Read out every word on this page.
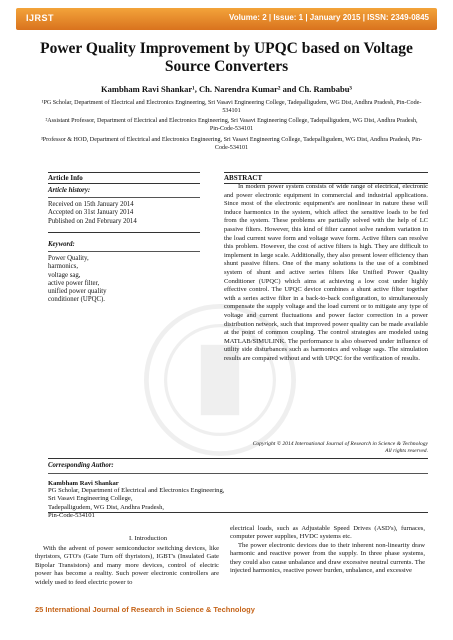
IJRST	Volume: 2 | Issue: 1 | January 2015 | ISSN: 2349-0845
Power Quality Improvement by UPQC based on Voltage Source Converters
Kambham Ravi Shankar¹, Ch. Narendra Kumar² and Ch. Rambabu³
¹PG Scholar, Department of Electrical and Electronics Engineering, Sri Vasavi Engineering College, Tadepalligudem, WG Dist, Andhra Pradesh, Pin-Code-534101
²Assistant Professor, Department of Electrical and Electronics Engineering, Sri Vasavi Engineering College, Tadepalligudem, WG Dist, Andhra Pradesh, Pin-Code-534101
³Professor & HOD, Department of Electrical and Electronics Engineering, Sri Vasavi Engineering College, Tadepalligudem, WG Dist, Andhra Pradesh, Pin-Code-534101
Article Info	ABSTRACT
Article history:
Received on 15th January 2014
Accepted on 31st January 2014
Published on 2nd February 2014
Keyword:
Power Quality,
harmonics,
voltage sag,
active power filter,
unified power quality
conditioner (UPQC).
In modern power system consists of wide range of electrical, electronic and power electronic equipment in commercial and industrial applications. Since most of the electronic equipment's are nonlinear in nature these will induce harmonics in the system, which affect the sensitive loads to be fed from the system. These problems are partially solved with the help of LC passive filters. However, this kind of filter cannot solve random variation in the load current wave form and voltage wave form. Active filters can resolve this problem. However, the cost of active filters is high. They are difficult to implement in large scale. Additionally, they also present lower efficiency than shunt passive filters. One of the many solutions is the use of a combined system of shunt and active series filters like Unified Power Quality Conditioner (UPQC) which aims at achieving a low cost under highly effective control. The UPQC device combines a shunt active filter together with a series active filter in a back-to-back configuration, to simultaneously compensate the supply voltage and the load current or to mitigate any type of voltage and current fluctuations and power factor correction in a power distribution network, such that improved power quality can be made available at the point of common coupling. The control strategies are modeled using MATLAB/SIMULINK. The performance is also observed under influence of utility side disturbances such as harmonics and voltage sags. The simulation results are compared without and with UPQC for the verification of results.
Copyright © 2014 International Journal of Research in Science & Technology
All rights reserved.
Corresponding Author:
Kambham Ravi Shankar
PG Scholar, Department of Electrical and Electronics Engineering,
Sri Vasavi Engineering College,
Tadepalligudem, WG Dist, Andhra Pradesh,
Pin-Code-534101
I. Introduction
With the advent of power semiconductor switching devices, like thyristors, GTO's (Gate Turn off thyristors), IGBT's (Insulated Gate Bipolar Transistors) and many more devices, control of electric power has become a reality. Such power electronic controllers are widely used to feed electric power to
electrical loads, such as Adjustable Speed Drives (ASD's), furnaces, computer power supplies, HVDC systems etc.
The power electronic devices due to their inherent non-linearity draw harmonic and reactive power from the supply. In three phase systems, they could also cause unbalance and draw excessive neutral currents. The injected harmonics, reactive power burden, unbalance, and excessive
25 International Journal of Research in Science & Technology
